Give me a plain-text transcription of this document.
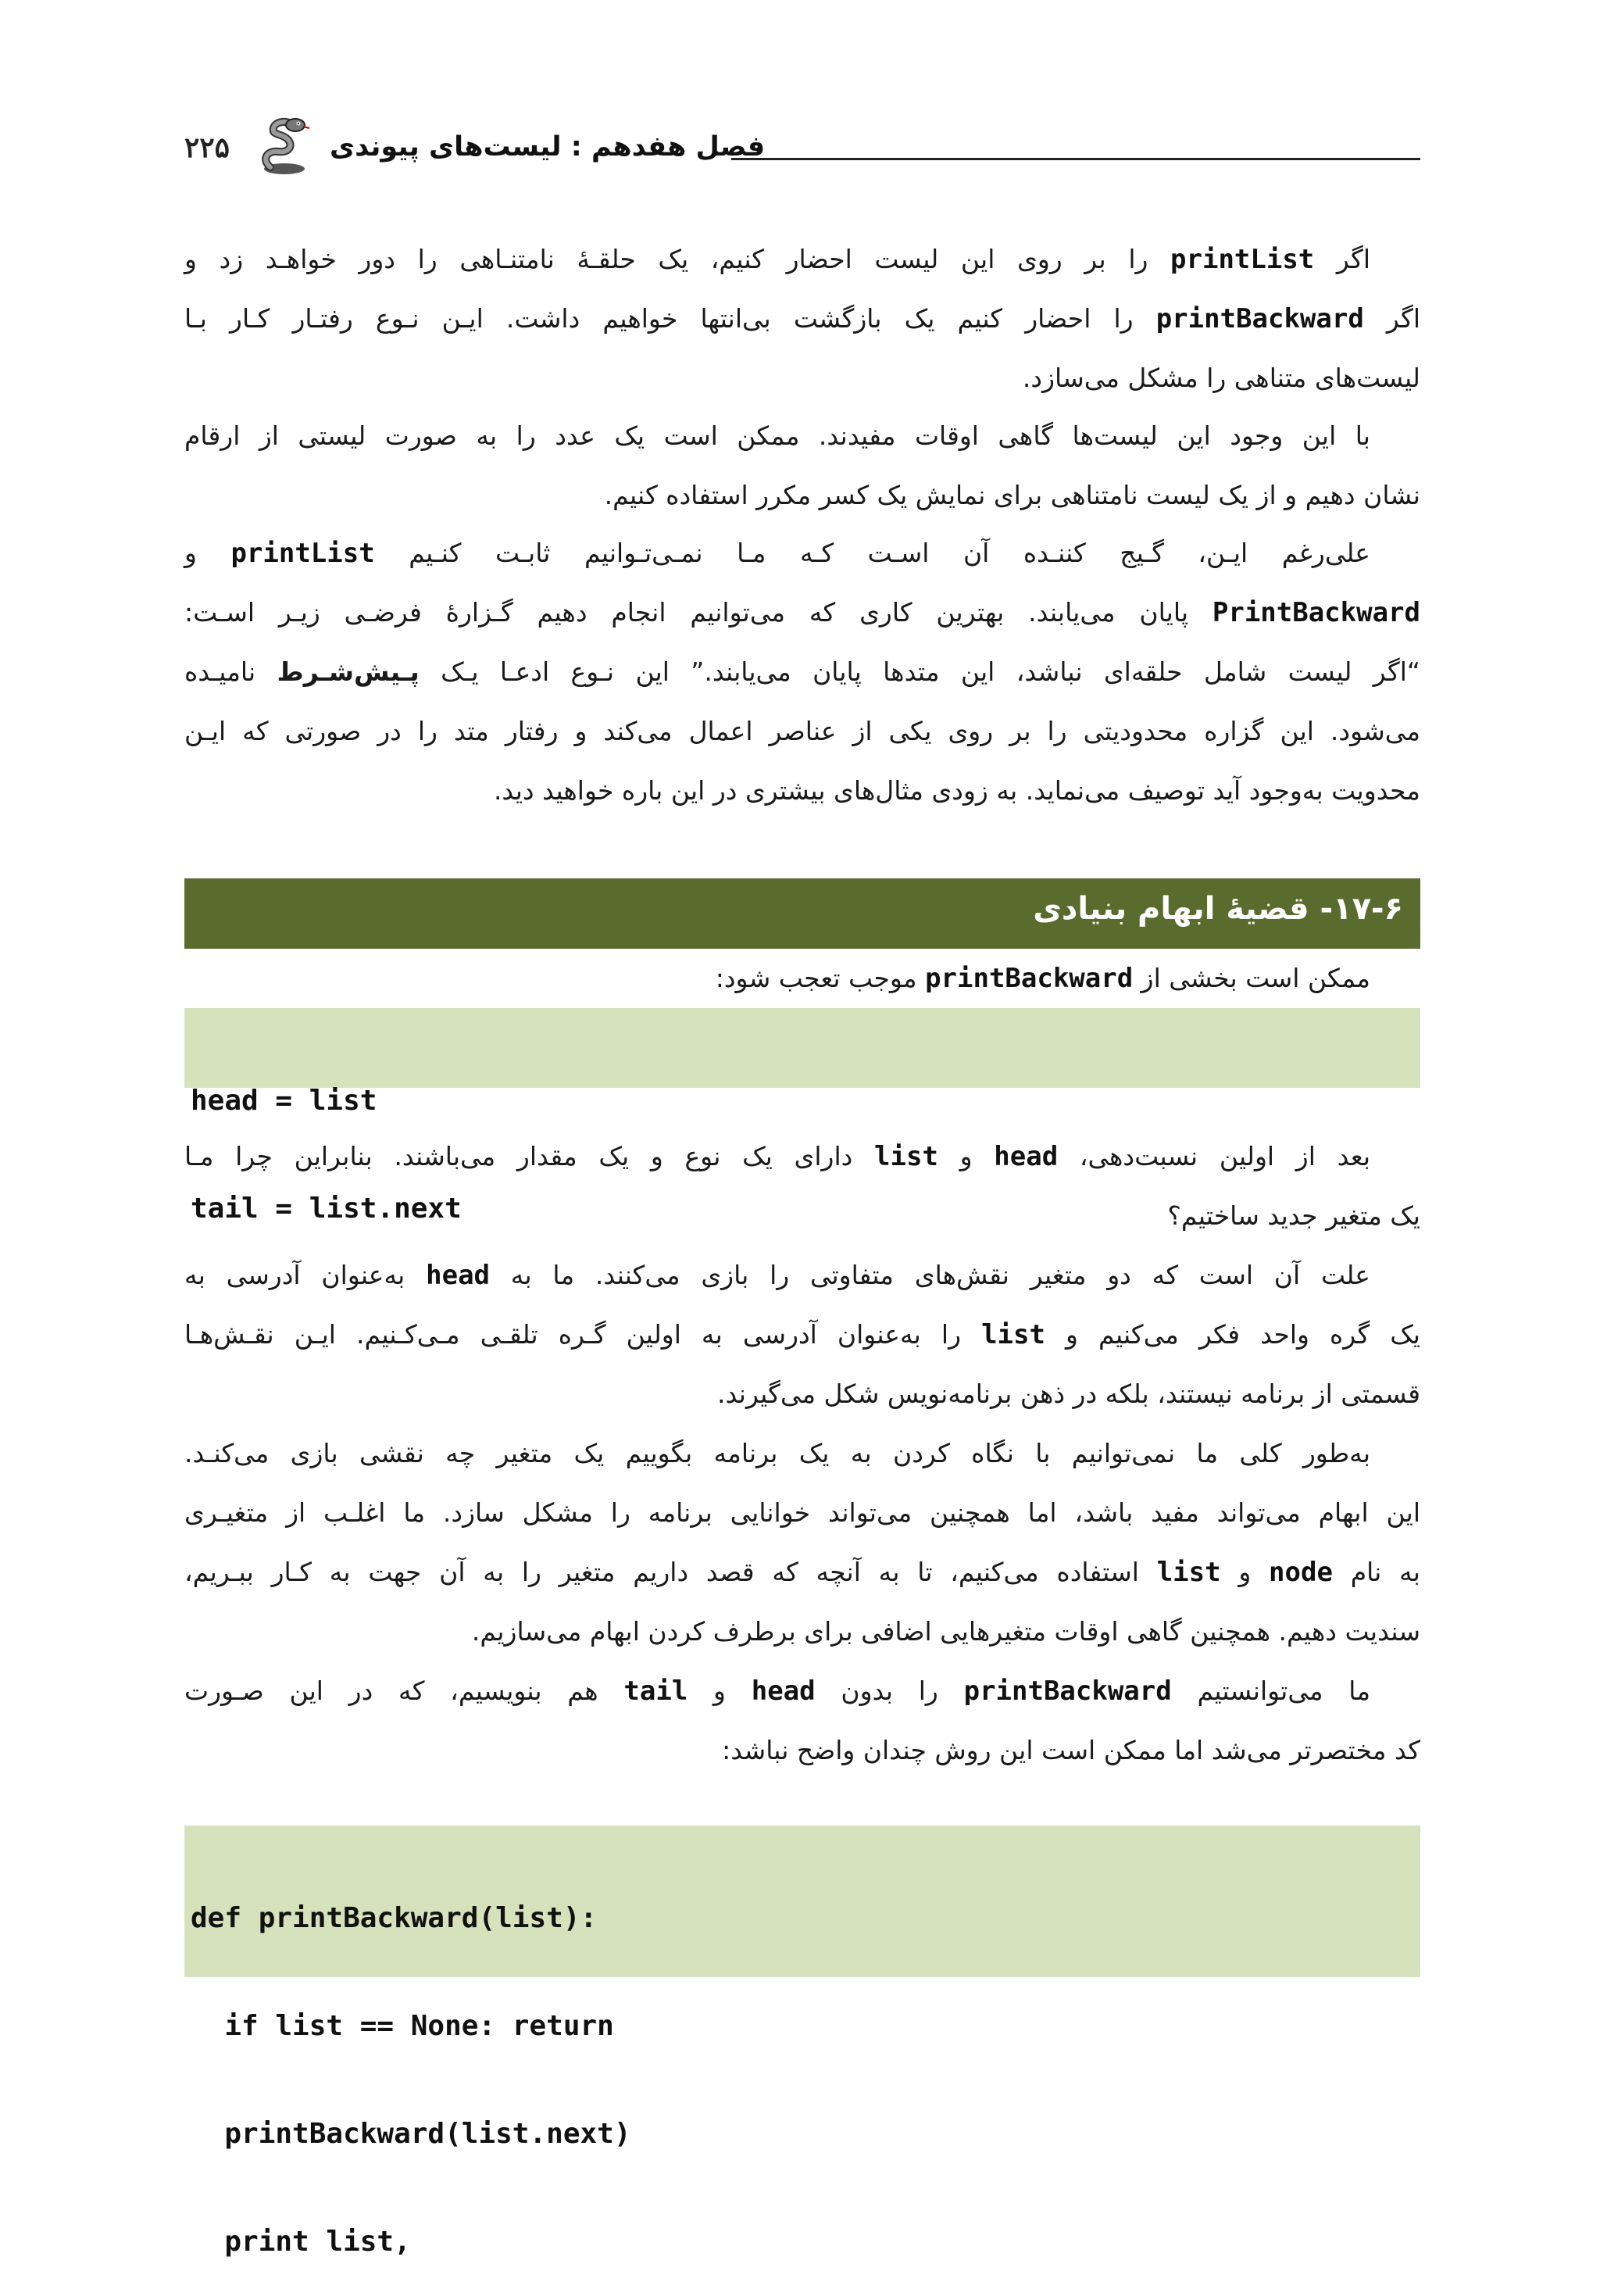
۲۲۵	فصل هفدهم : لیست‌های پیوندی

اگر printList را بر روی این لیست احضار کنیم، یک حلقـهٔ نامتنـاهی را دور خواهـد زد و
اگر printBackward را احضار کنیم یک بازگشت بی‌انتها خواهیم داشت. ایـن نـوع رفتـار کـار بـا
لیست‌های متناهی را مشکل می‌سازد.

با این وجود این لیست‌ها گاهی اوقات مفیدند. ممکن است یک عدد را به صورت لیستی از ارقام
نشان دهیم و از یک لیست نامتناهی برای نمایش یک کسر مکرر استفاده کنیم.

علی‌رغم ایـن، گـیج کننـده آن اسـت کـه مـا نمـی‌تـوانیم ثابـت کنـیم printList و
PrintBackward پایان می‌یابند. بهترین کاری که می‌توانیم انجام دهیم گـزارهٔ فرضـی زیـر اسـت:
“اگر لیست شامل حلقه‌ای نباشد، این متدها پایان می‌یابند.” این نـوع ادعـا یـک پـیش‌شـرط نامیـده
می‌شود. این گزاره محدودیتی را بر روی یکی از عناصر اعمال می‌کند و رفتار متد را در صورتی که ایـن
محدویت به‌وجود آید توصیف می‌نماید. به زودی مثال‌های بیشتری در این باره خواهید دید.

۱۷-۶- قضیهٔ ابهام بنیادی

ممکن است بخشی از printBackward موجب تعجب شود:

head = list

tail = list.next

بعد از اولین نسبت‌دهی، head و list دارای یک نوع و یک مقدار می‌باشند. بنابراین چرا مـا
یک متغیر جدید ساختیم؟

علت آن است که دو متغیر نقش‌های متفاوتی را بازی می‌کنند. ما به head به‌عنوان آدرسی به
یک گره واحد فکر می‌کنیم و list را به‌عنوان آدرسی به اولین گـره تلقـی مـی‌کـنیم. ایـن نقـش‌هـا
قسمتی از برنامه نیستند، بلکه در ذهن برنامه‌نویس شکل می‌گیرند.

به‌طور کلی ما نمی‌توانیم با نگاه کردن به یک برنامه بگوییم یک متغیر چه نقشی بازی می‌کنـد.
این ابهام می‌تواند مفید باشد، اما همچنین می‌تواند خوانایی برنامه را مشکل سازد. ما اغلـب از متغیـری
به نام node و list استفاده می‌کنیم، تا به آنچه که قصد داریم متغیر را به آن جهت به کـار ببـریم،
سندیت دهیم. همچنین گاهی اوقات متغیرهایی اضافی برای برطرف کردن ابهام می‌سازیم.

ما می‌توانستیم printBackward را بدون head و tail هم بنویسیم، که در این صـورت
کد مختصرتر می‌شد اما ممکن است این روش چندان واضح نباشد:

def printBackward(list):

if list == None: return

printBackward(list.next)

print list,
